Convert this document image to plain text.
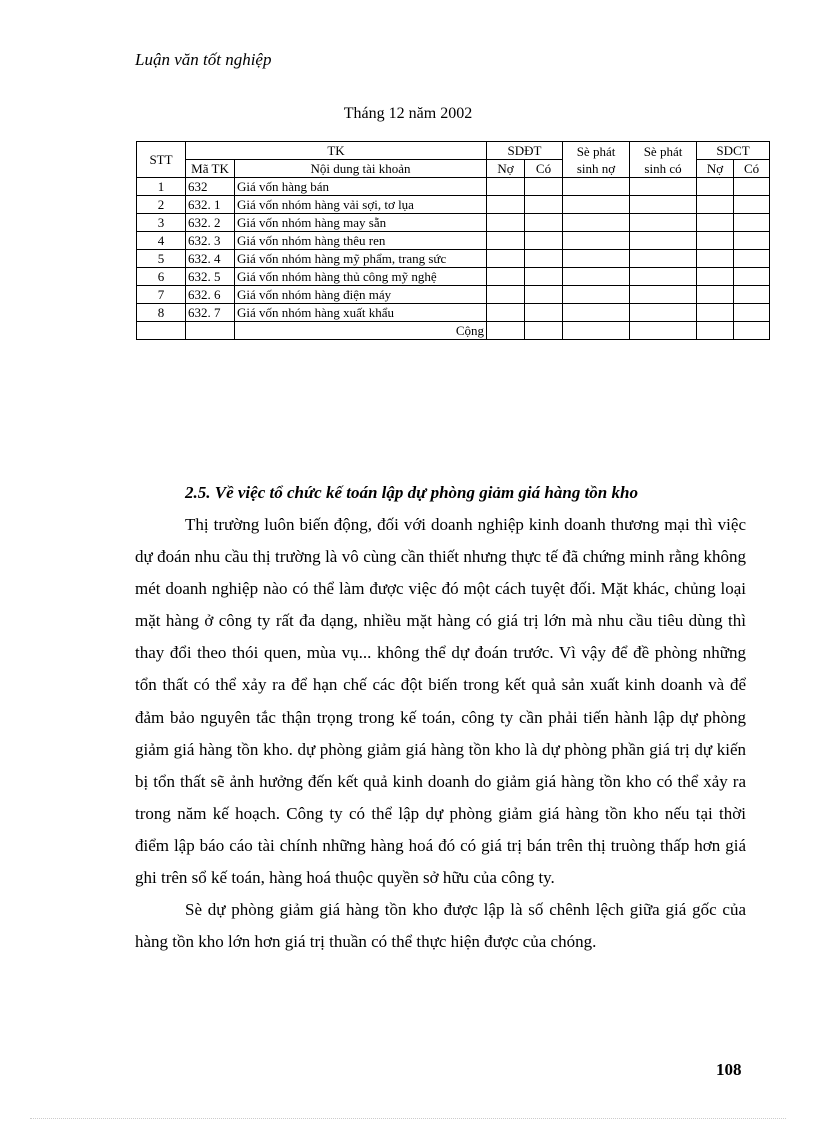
Luận văn tốt nghiệp
Tháng 12 năm 2002
STT	TK		SDĐT		Sè phát sinh nợ	Sè phát sinh có	SDCT	
	Mã TK	Nội dung tài khoản	Nợ	Có			Nợ	Có
1	632	Giá vốn hàng bán						
2	632. 1	Giá vốn nhóm hàng vải sợi, tơ lụa						
3	632. 2	Giá vốn nhóm hàng may sẵn						
4	632. 3	Giá vốn nhóm hàng thêu ren						
5	632. 4	Giá vốn nhóm hàng mỹ phẩm, trang sức						
6	632. 5	Giá vốn nhóm hàng thủ công mỹ nghệ						
7	632. 6	Giá vốn nhóm hàng điện máy						
8	632. 7	Giá vốn nhóm hàng xuất khẩu						
		Cộng						
2.5. Về việc tổ chức kế toán lập dự phòng giảm giá hàng tồn kho

Thị trường luôn biến động, đối với doanh nghiệp kinh doanh thương mại thì việc dự đoán nhu cầu thị trường là vô cùng cần thiết nhưng thực tế đã chứng minh rằng không mét doanh nghiệp nào có thể làm được việc đó một cách tuyệt đối. Mặt khác, chủng loại mặt hàng ở công ty rất đa dạng, nhiều mặt hàng có giá trị lớn mà nhu cầu tiêu dùng thì thay đổi theo thói quen, mùa vụ... không thể dự đoán trước. Vì vậy để đề phòng những tổn thất có thể xảy ra để hạn chế các đột biến trong kết quả sản xuất kinh doanh và để đảm bảo nguyên tắc thận trọng trong kế toán, công ty cần phải tiến hành lập dự phòng giảm giá hàng tồn kho. dự phòng giảm giá hàng tồn kho là dự phòng phần giá trị dự kiến bị tổn thất sẽ ảnh hưởng đến kết quả kinh doanh do giảm giá hàng tồn kho có thể xảy ra trong năm kế hoạch. Công ty có thể lập dự phòng giảm giá hàng tồn kho nếu tại thời điểm lập báo cáo tài chính những hàng hoá đó có giá trị bán trên thị truòng thấp hơn giá ghi trên sổ kế toán, hàng hoá thuộc quyền sở hữu của công ty.

Sè dự phòng giảm giá hàng tồn kho được lập là số chênh lệch giữa giá gốc của hàng tồn kho lớn hơn giá trị thuần có thể thực hiện được của chóng.

108
